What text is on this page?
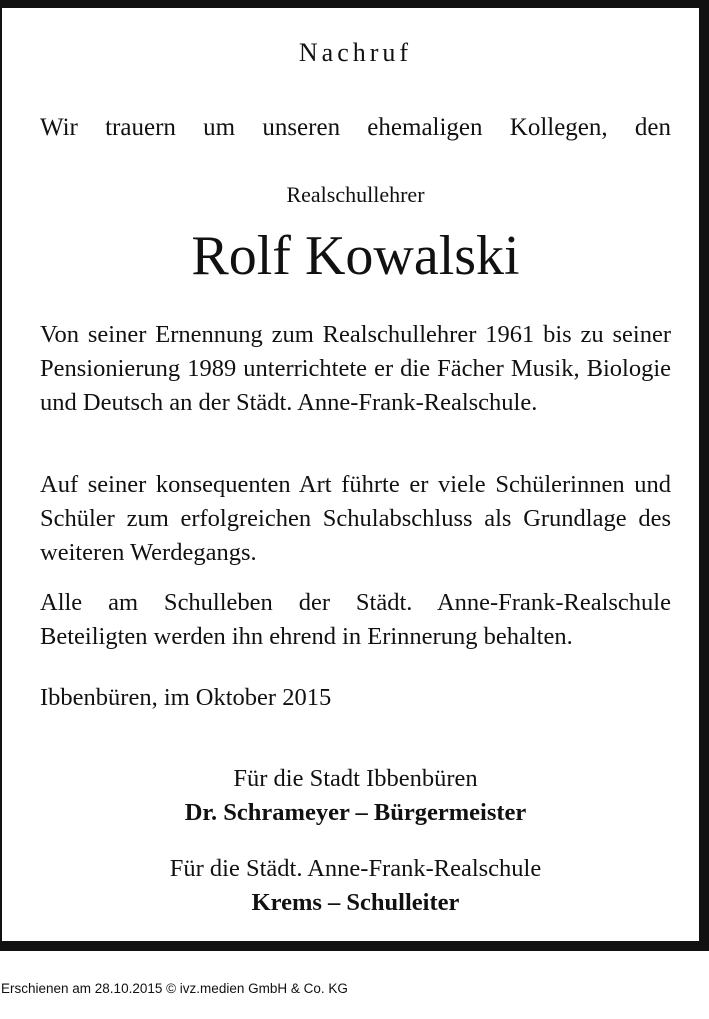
Nachruf
Wir trauern um unseren ehemaligen Kollegen, den
Realschullehrer
Rolf Kowalski
Von seiner Ernennung zum Realschullehrer 1961 bis zu seiner Pensionierung 1989 unterrichtete er die Fächer Musik, Biologie und Deutsch an der Städt. Anne-Frank-Realschule.
Auf seiner konsequenten Art führte er viele Schülerinnen und Schüler zum erfolgreichen Schulabschluss als Grundlage des weiteren Werdegangs.
Alle am Schulleben der Städt. Anne-Frank-Realschule Beteiligten werden ihn ehrend in Erinnerung behalten.
Ibbenbüren, im Oktober 2015
Für die Stadt Ibbenbüren
Dr. Schrameyer – Bürgermeister
Für die Städt. Anne-Frank-Realschule
Krems – Schulleiter
Erschienen am 28.10.2015 © ivz.medien GmbH & Co. KG
